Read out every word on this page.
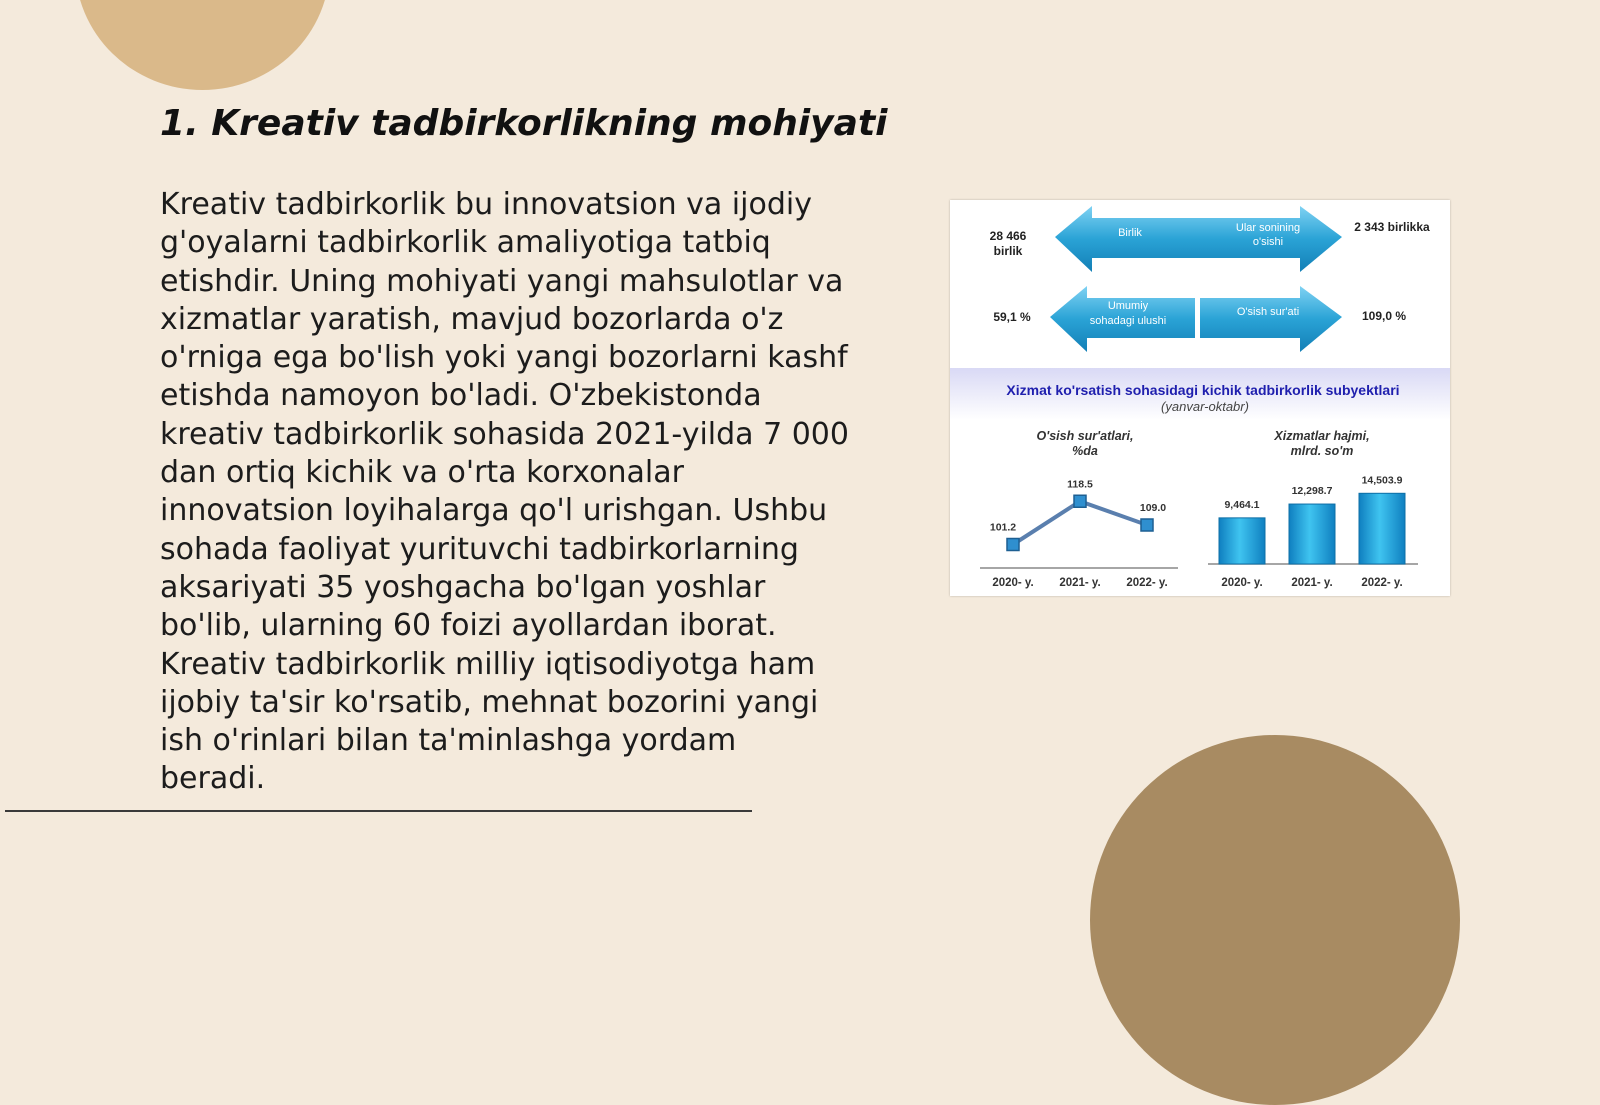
1. Kreativ tadbirkorlikning mohiyati

Kreativ tadbirkorlik bu innovatsion va ijodiy g'oyalarni tadbirkorlik amaliyotiga tatbiq etishdir. Uning mohiyati yangi mahsulotlar va xizmatlar yaratish, mavjud bozorlarda o'z o'rniga ega bo'lish yoki yangi bozorlarni kashf etishda namoyon bo'ladi. O'zbekistonda kreativ tadbirkorlik sohasida 2021-yilda 7 000 dan ortiq kichik va o'rta korxonalar innovatsion loyihalarga qo'l urishgan. Ushbu sohada faoliyat yurituvchi tadbirkorlarning aksariyati 35 yoshgacha bo'lgan yoshlar bo'lib, ularning 60 foizi ayollardan iborat. Kreativ tadbirkorlik milliy iqtisodiyotga ham ijobiy ta'sir ko'rsatib, mehnat bozorini yangi ish o'rinlari bilan ta'minlashga yordam beradi.

28 466
birlik
Birlik	Ular sonining
o'sishi
2 343 birlikka
59,1 %
Umumiy
sohadagi ulushi
O'sish sur'ati	109,0 %
Xizmat ko'rsatish sohasidagi kichik tadbirkorlik subyektlari
(yanvar-oktabr)
O'sish sur'atlari,
%da
Xizmatlar hajmi,
mlrd. so'm
101.2
2020- y.
118.5
2021- y.
109.0
2022- y.
9,464.1
2020- y.
12,298.7
2021- y.
14,503.9
2022- y.
